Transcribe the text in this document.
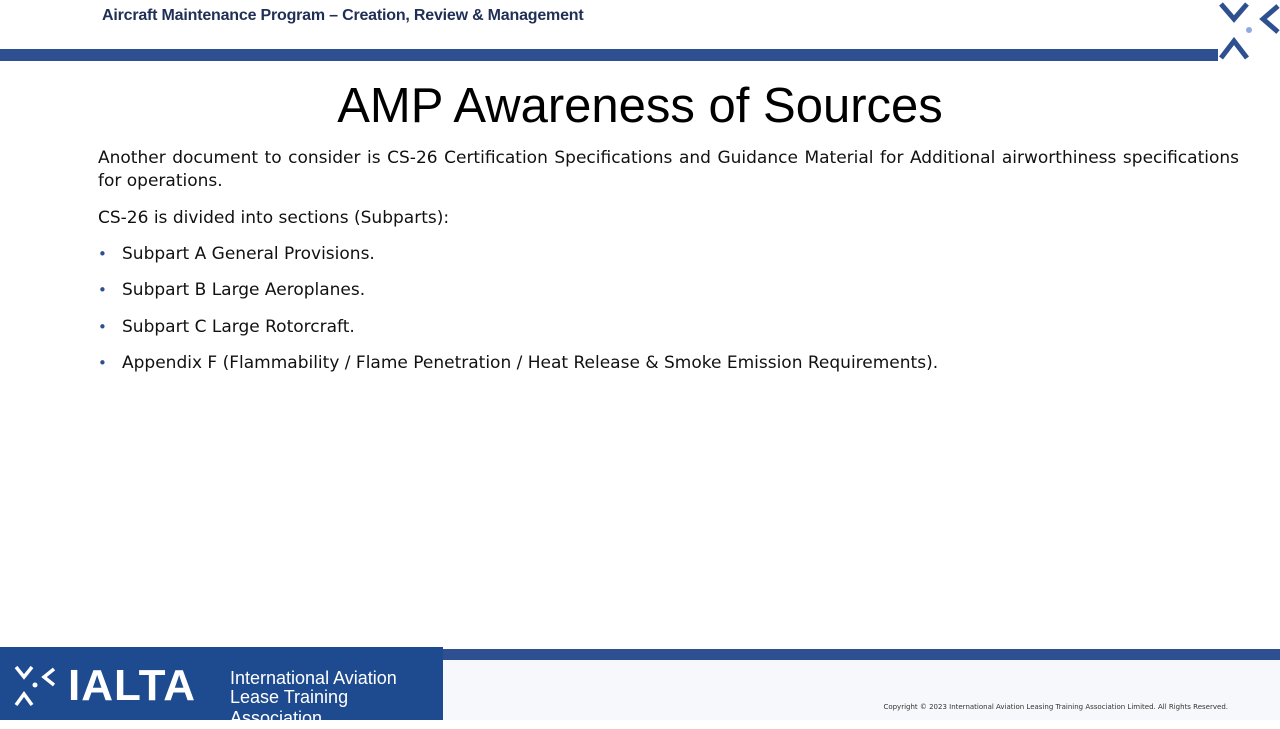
Aircraft Maintenance Program – Creation, Review & Management
AMP Awareness of Sources
Another document to consider is CS-26 Certification Specifications and Guidance Material for Additional airworthiness specifications for operations.
CS-26 is divided into sections (Subparts):
• Subpart A General Provisions.
• Subpart B Large Aeroplanes.
• Subpart C Large Rotorcraft.
• Appendix F (Flammability / Flame Penetration / Heat Release & Smoke Emission Requirements).
IALTA International Aviation
Lease Training Association
Copyright © 2023 International Aviation Leasing Training Association Limited. All Rights Reserved.
